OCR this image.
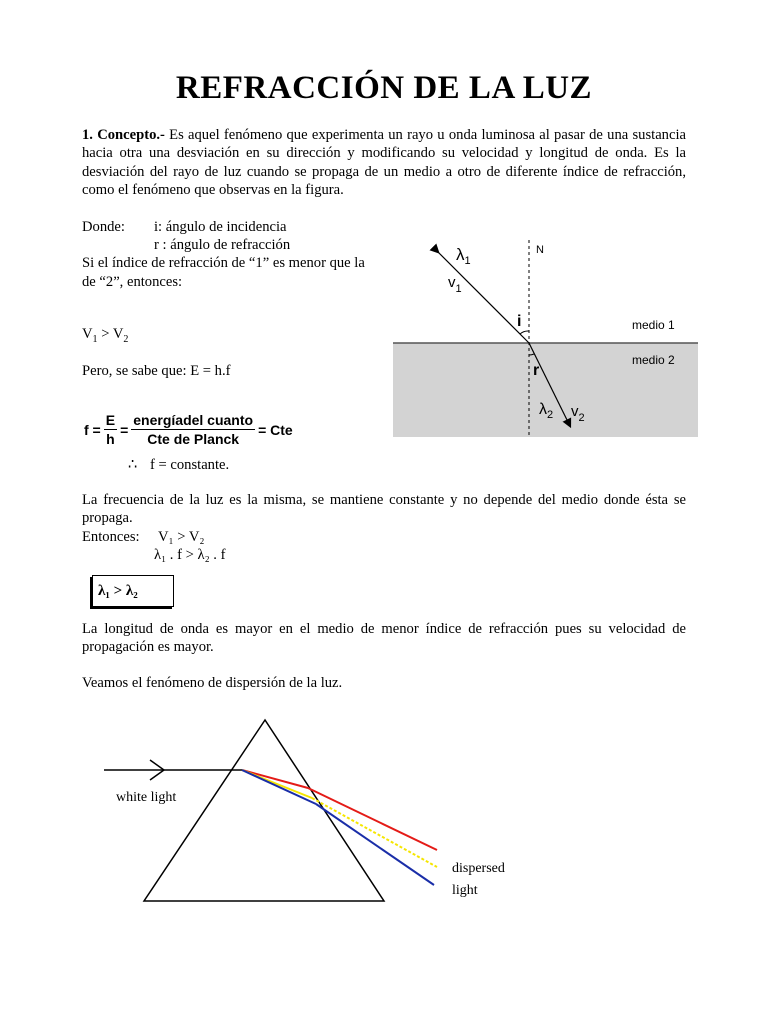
REFRACCIÓN DE LA LUZ
1. Concepto.- Es aquel fenómeno que experimenta un rayo u onda luminosa al pasar de una sustancia hacia otra una desviación en su dirección y modificando su velocidad y longitud de onda. Es la desviación del rayo de luz cuando se propaga de un medio a otro de diferente índice de refracción, como el fenómeno que observas en la figura.
Donde: i: ángulo de incidencia
r : ángulo de refracción
Si el índice de refracción de “1” es menor que la
de “2”, entonces:
$V_1 > V_2$
Pero, se sabe que: E = h.f
$f = \frac{E}{h} = \frac{\text{energíadel cuanto}}{\text{Cte de Planck}}$ = Cte
∴ f = constante.
La frecuencia de la luz es la misma, se mantiene constante y no depende del medio donde ésta se propaga.
Entonces: V₁ > V₂
λ₁ . f > λ₂ . f
λ₁ > λ₂
La longitud de onda es mayor en el medio de menor índice de refracción pues su velocidad de propagación es mayor.
Veamos el fenómeno de dispersión de la luz.
$\lambda_1$
$v_1$
N
i
r
medio 1
medio 2
$\lambda_2$ $v_2$
white light
dispersed
light
